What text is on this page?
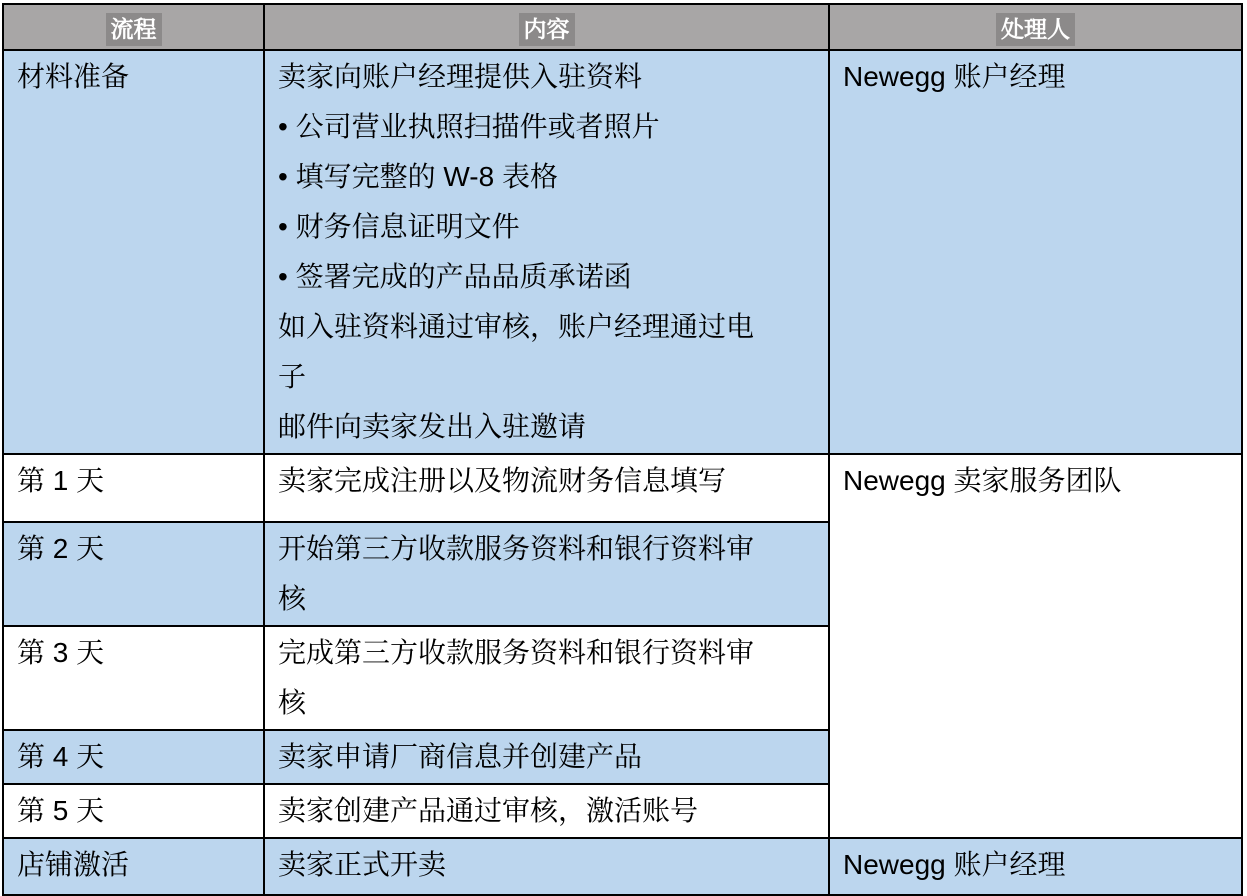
流程	内容	处理人
材料准备	卖家向账户经理提供入驻资料
• 公司营业执照扫描件或者照片
• 填写完整的 W-8 表格
• 财务信息证明文件
• 签署完成的产品品质承诺函
如入驻资料通过审核，账户经理通过电
子
邮件向卖家发出入驻邀请
	Newegg 账户经理
第 1 天	卖家完成注册以及物流财务信息填写	Newegg 卖家服务团队
第 2 天	开始第三方收款服务资料和银行资料审
核	

第 3 天	完成第三方收款服务资料和银行资料审
核	

第 4 天	卖家申请厂商信息并创建产品	

第 5 天	卖家创建产品通过审核，激活账号	

店铺激活	卖家正式开卖	Newegg 账户经理
